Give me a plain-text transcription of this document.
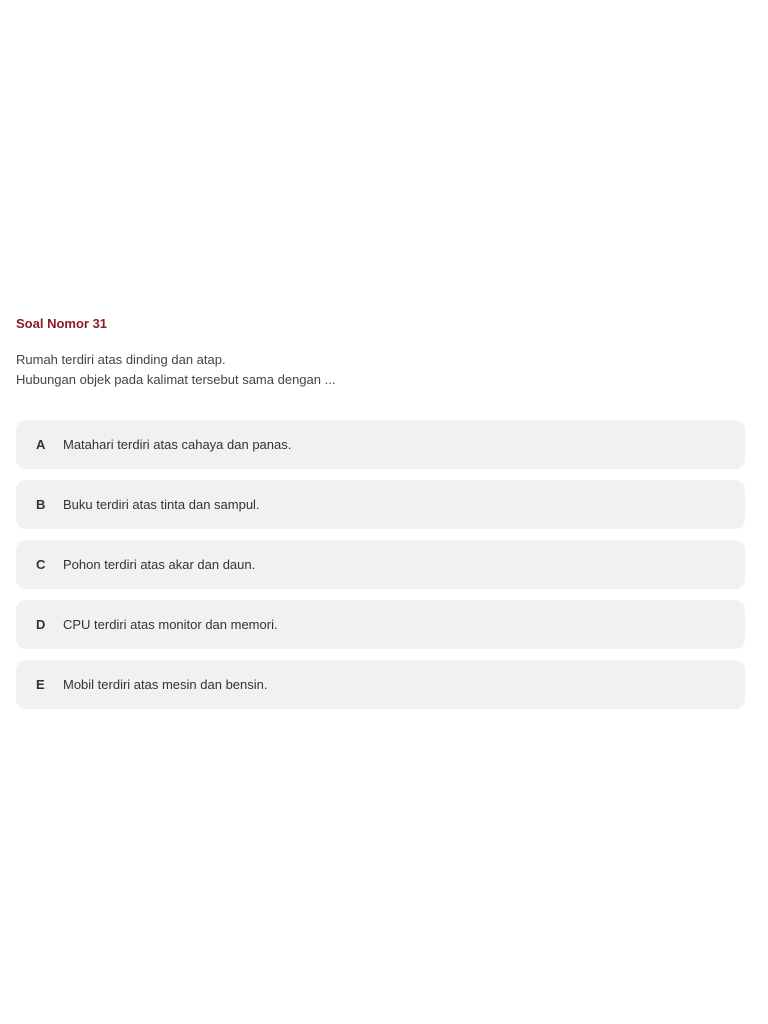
Soal Nomor 31

Rumah terdiri atas dinding dan atap.
Hubungan objek pada kalimat tersebut sama dengan ...

A	Matahari terdiri atas cahaya dan panas.
B	Buku terdiri atas tinta dan sampul.
C	Pohon terdiri atas akar dan daun.
D	CPU terdiri atas monitor dan memori.
E	Mobil terdiri atas mesin dan bensin.
